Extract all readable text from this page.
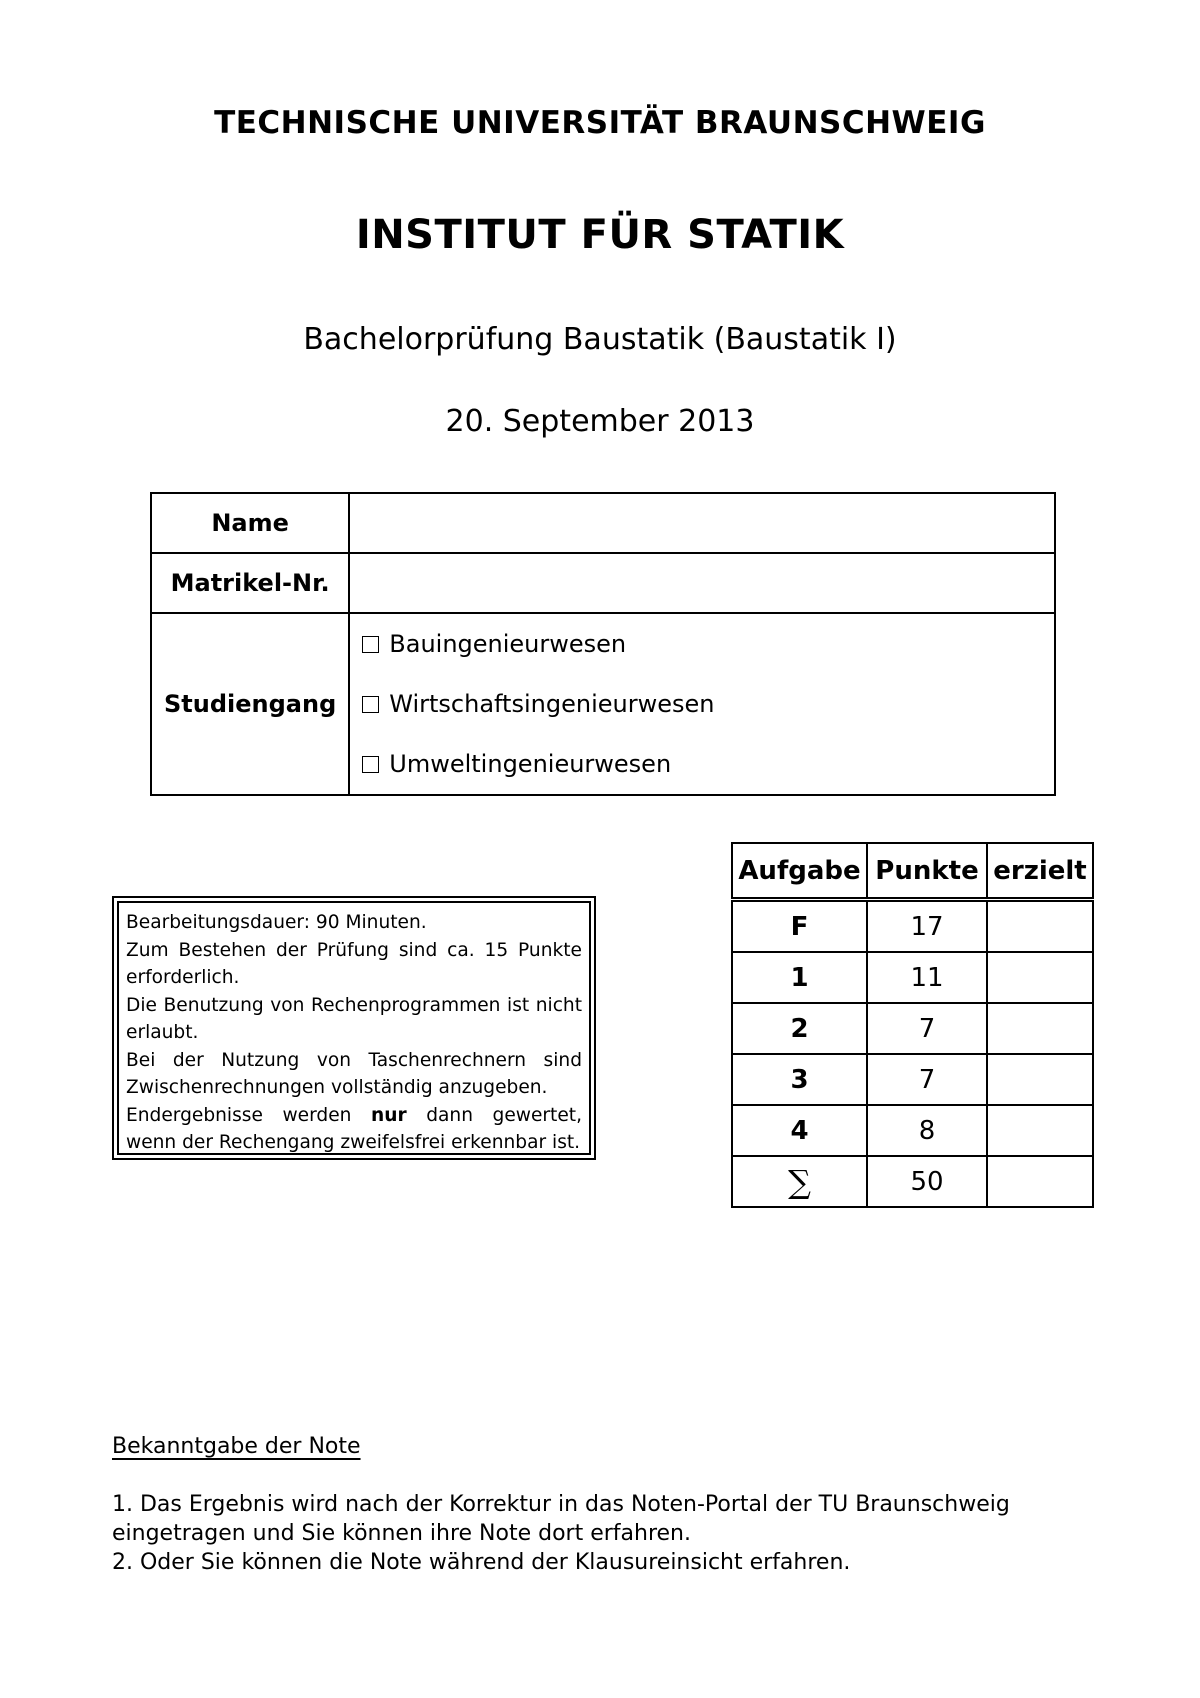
TECHNISCHE UNIVERSITÄT BRAUNSCHWEIG
INSTITUT FÜR STATIK
Bachelorprüfung Baustatik (Baustatik I)
20. September 2013
Name	
Matrikel-Nr.	
Studiengang	Bauingenieurwesen
Wirtschaftsingenieurwesen
Umweltingenieurwesen

Bearbeitungsdauer: 90 Minuten.

Zum Bestehen der Prüfung sind ca. 15 Punkte erforderlich.

Die Benutzung von Rechenprogrammen ist nicht erlaubt.

Bei der Nutzung von Taschenrechnern sind Zwischenrechnungen vollständig anzugeben.

Endergebnisse werden nur dann gewertet, wenn der Rechengang zweifelsfrei erkennbar ist.

Aufgabe	Punkte	erzielt
F	17	
1	11	
2	7	
3	7	
4	8	
∑	50	
Bekanntgabe der Note

1. Das Ergebnis wird nach der Korrektur in das Noten-Portal der TU Braunschweig eingetragen und Sie können ihre Note dort erfahren.

2. Oder Sie können die Note während der Klausureinsicht erfahren.
